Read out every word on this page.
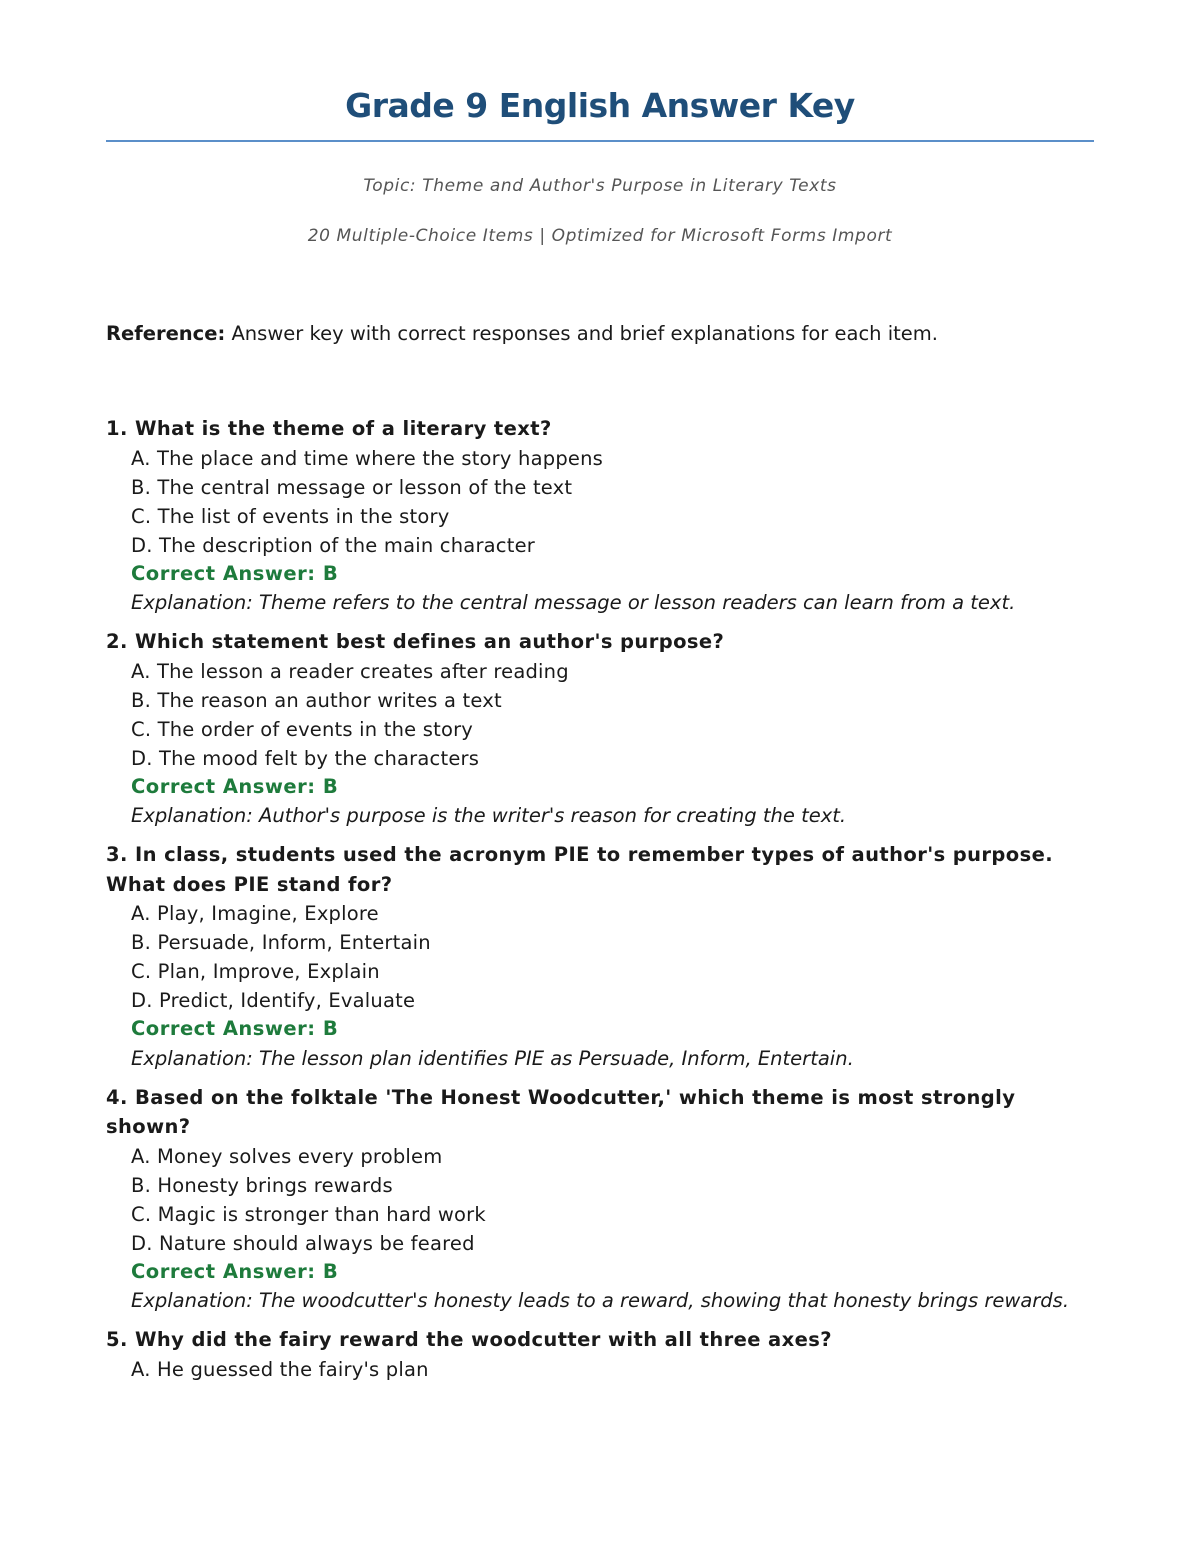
Grade 9 English Answer Key
Topic: Theme and Author's Purpose in Literary Texts
20 Multiple-Choice Items | Optimized for Microsoft Forms Import
Reference: Answer key with correct responses and brief explanations for each item.
1. What is the theme of a literary text?
A. The place and time where the story happens
B. The central message or lesson of the text
C. The list of events in the story
D. The description of the main character
Correct Answer: B
Explanation: Theme refers to the central message or lesson readers can learn from a text.
2. Which statement best defines an author's purpose?
A. The lesson a reader creates after reading
B. The reason an author writes a text
C. The order of events in the story
D. The mood felt by the characters
Correct Answer: B
Explanation: Author's purpose is the writer's reason for creating the text.
3. In class, students used the acronym PIE to remember types of author's purpose. What does PIE stand for?
A. Play, Imagine, Explore
B. Persuade, Inform, Entertain
C. Plan, Improve, Explain
D. Predict, Identify, Evaluate
Correct Answer: B
Explanation: The lesson plan identifies PIE as Persuade, Inform, Entertain.
4. Based on the folktale 'The Honest Woodcutter,' which theme is most strongly shown?
A. Money solves every problem
B. Honesty brings rewards
C. Magic is stronger than hard work
D. Nature should always be feared
Correct Answer: B
Explanation: The woodcutter's honesty leads to a reward, showing that honesty brings rewards.
5. Why did the fairy reward the woodcutter with all three axes?
A. He guessed the fairy's plan
